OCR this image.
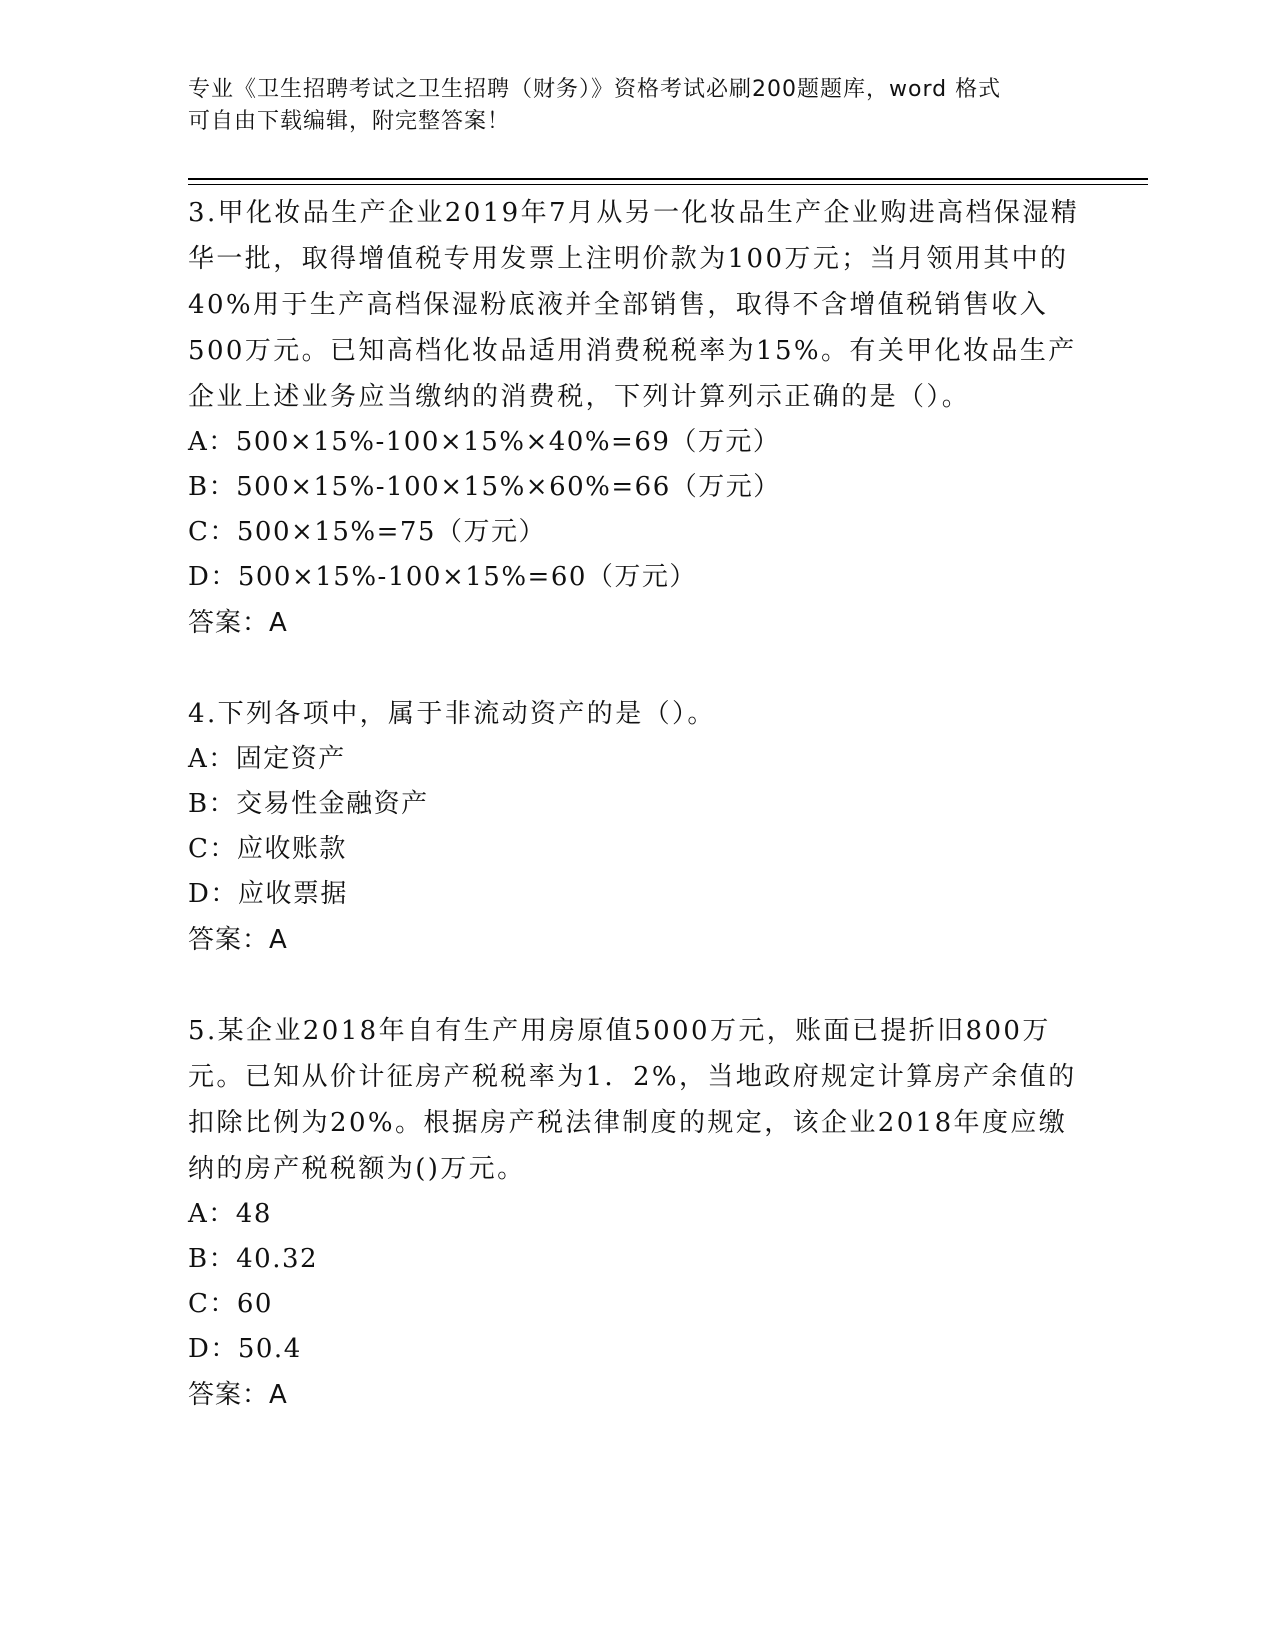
专业《卫生招聘考试之卫生招聘（财务）》资格考试必刷200题题库，word 格式
可自由下载编辑，附完整答案！

3.甲化妆品生产企业2019年7月从另一化妆品生产企业购进高档保湿精华一批，取得增值税专用发票上注明价款为100万元；当月领用其中的40%用于生产高档保湿粉底液并全部销售，取得不含增值税销售收入500万元。已知高档化妆品适用消费税税率为15%。有关甲化妆品生产企业上述业务应当缴纳的消费税，下列计算列示正确的是（）。

A：500×15%-100×15%×40%=69（万元）

B：500×15%-100×15%×60%=66（万元）

C：500×15%=75（万元）

D：500×15%-100×15%=60（万元）

答案：A

4.下列各项中，属于非流动资产的是（）。

A：固定资产

B：交易性金融资产

C：应收账款

D：应收票据

答案：A

5.某企业2018年自有生产用房原值5000万元，账面已提折旧800万元。已知从价计征房产税税率为1．2%，当地政府规定计算房产余值的扣除比例为20%。根据房产税法律制度的规定，该企业2018年度应缴纳的房产税税额为()万元。

A：48

B：40.32

C：60

D：50.4

答案：A
